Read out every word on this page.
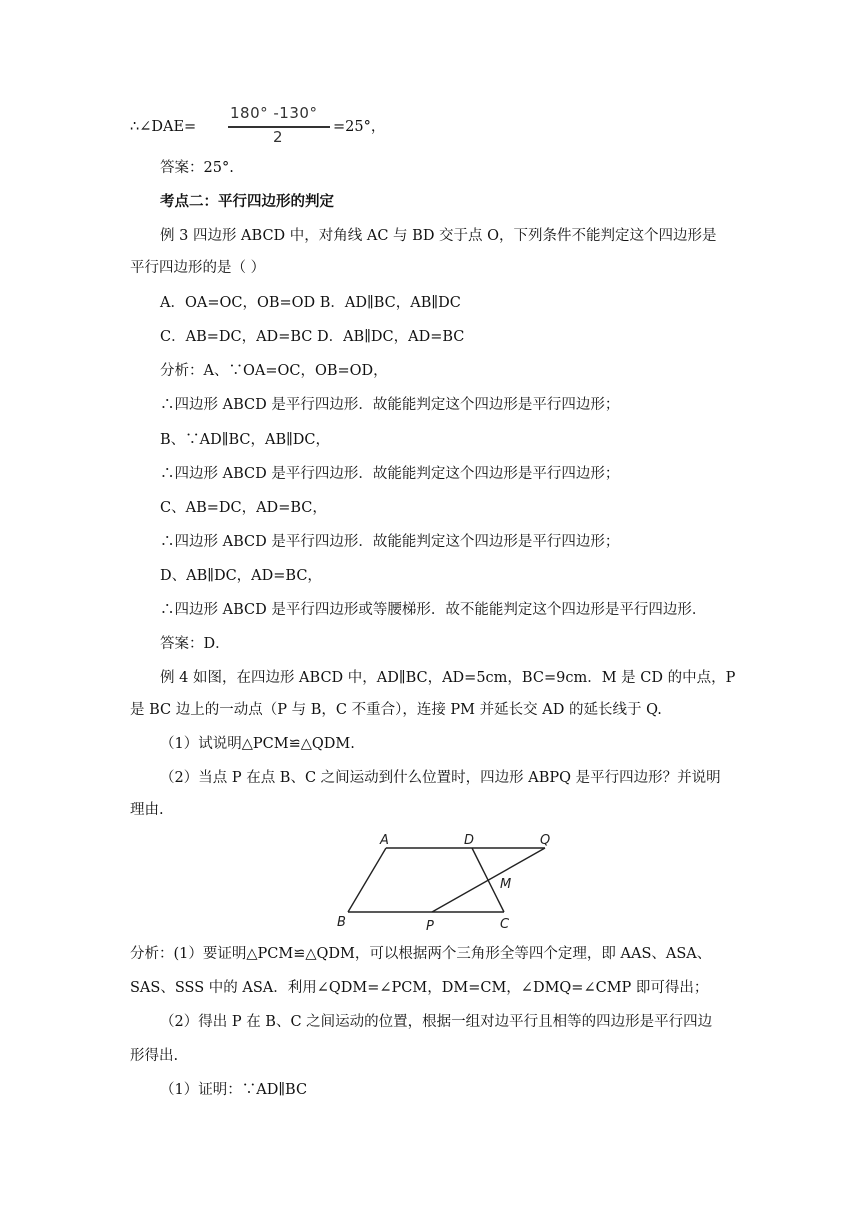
∴∠DAE=
180° -130°
2
=25°，
答案：25°.
考点二：平行四边形的判定
例 3 四边形 ABCD 中，对角线 AC 与 BD 交于点 O，下列条件不能判定这个四边形是
平行四边形的是（ ）
A．OA=OC，OB=OD B．AD∥BC，AB∥DC
C．AB=DC，AD=BC D．AB∥DC，AD=BC
分析：A、∵OA=OC，OB=OD，
∴四边形 ABCD 是平行四边形．故能能判定这个四边形是平行四边形；
B、∵AD∥BC，AB∥DC，
∴四边形 ABCD 是平行四边形．故能能判定这个四边形是平行四边形；
C、AB=DC，AD=BC，
∴四边形 ABCD 是平行四边形．故能能判定这个四边形是平行四边形；
D、AB∥DC，AD=BC，
∴四边形 ABCD 是平行四边形或等腰梯形．故不能能判定这个四边形是平行四边形．
答案：D．
例 4 如图，在四边形 ABCD 中，AD∥BC，AD=5cm，BC=9cm．M 是 CD 的中点，P
是 BC 边上的一动点（P 与 B，C 不重合），连接 PM 并延长交 AD 的延长线于 Q.
（1）试说明△PCM≌△QDM.
（2）当点 P 在点 B、C 之间运动到什么位置时，四边形 ABPQ 是平行四边形？并说明
理由.
A	D	Q
M
B	P	C
分析：(1）要证明△PCM≌△QDM，可以根据两个三角形全等四个定理，即 AAS、ASA、
SAS、SSS 中的 ASA．利用∠QDM=∠PCM，DM=CM，∠DMQ=∠CMP 即可得出；
（2）得出 P 在 B、C 之间运动的位置，根据一组对边平行且相等的四边形是平行四边
形得出.
（1）证明：∵AD∥BC
